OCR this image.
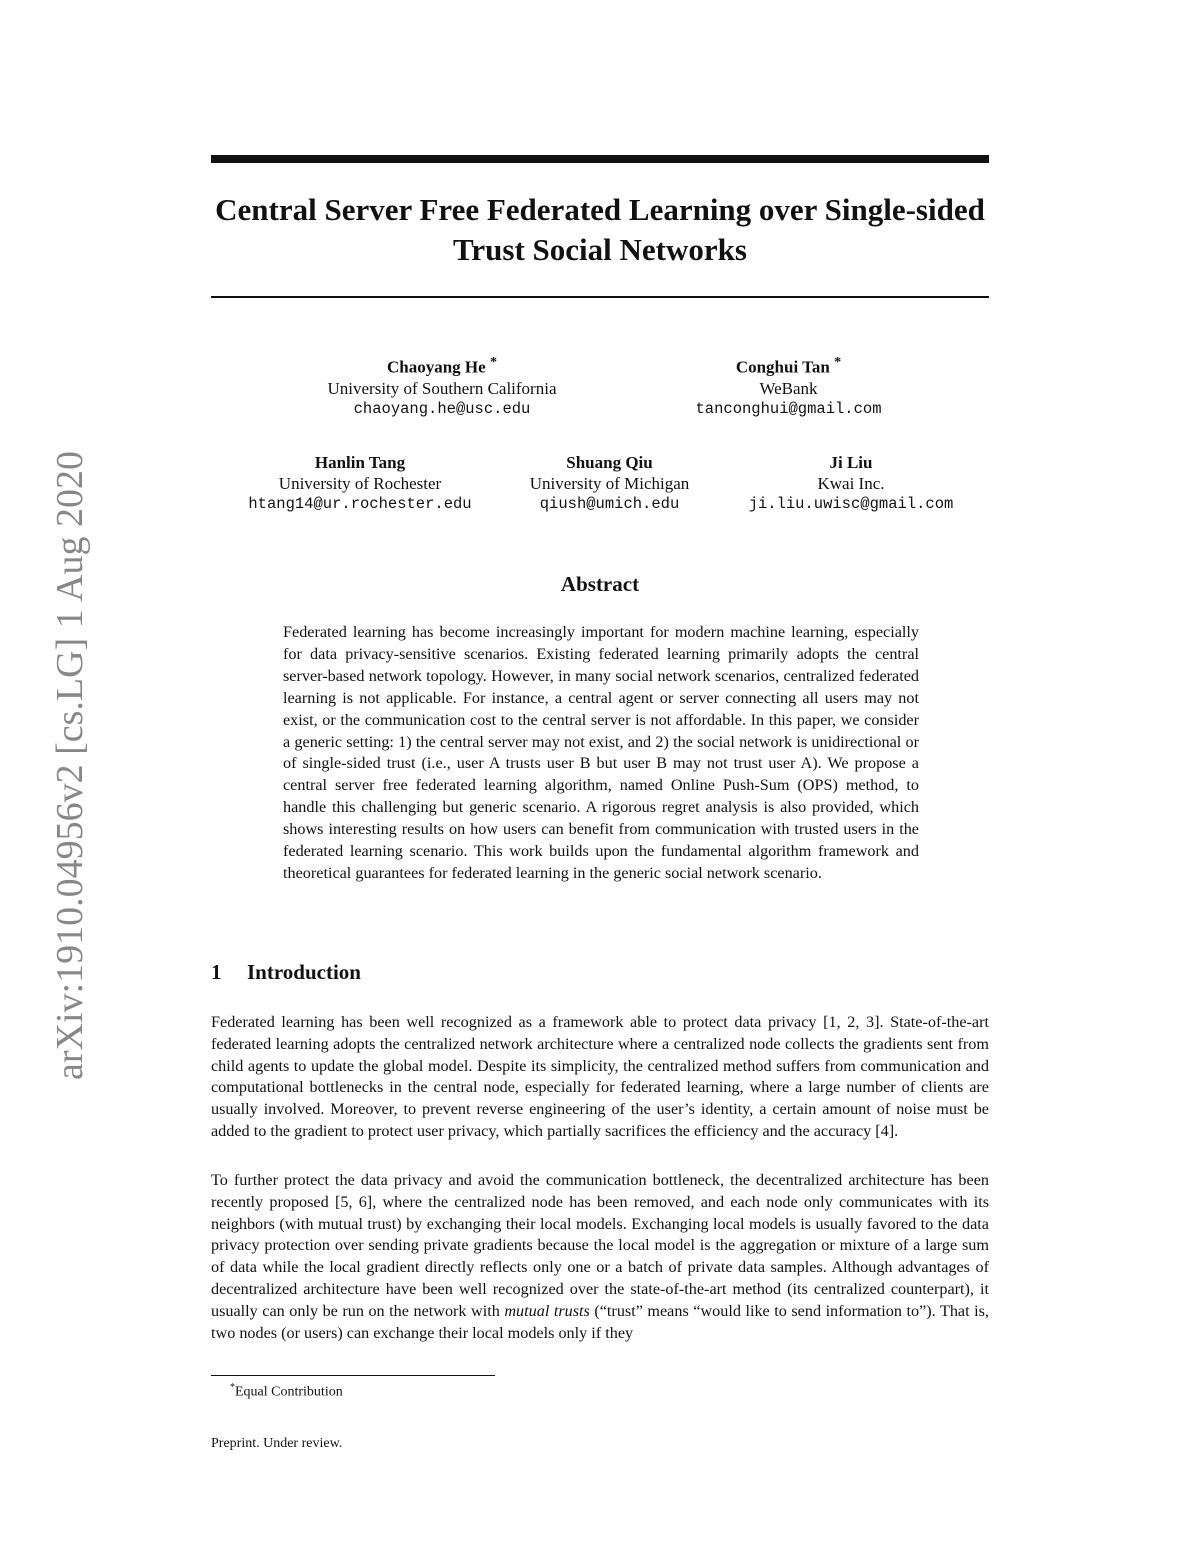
Central Server Free Federated Learning over Single-sided Trust Social Networks
Chaoyang He *
University of Southern California
chaoyang.he@usc.edu
Conghui Tan *
WeBank
tanconghui@gmail.com
Hanlin Tang
University of Rochester
htang14@ur.rochester.edu
Shuang Qiu
University of Michigan
qiush@umich.edu
Ji Liu
Kwai Inc.
ji.liu.uwisc@gmail.com
arXiv:1910.04956v2 [cs.LG] 1 Aug 2020	Abstract
Federated learning has become increasingly important for modern machine learning, especially for data privacy-sensitive scenarios. Existing federated learning primarily adopts the central server-based network topology. However, in many social network scenarios, centralized federated learning is not applicable. For instance, a central agent or server connecting all users may not exist, or the communication cost to the central server is not affordable. In this paper, we consider a generic setting: 1) the central server may not exist, and 2) the social network is unidirectional or of single-sided trust (i.e., user A trusts user B but user B may not trust user A). We propose a central server free federated learning algorithm, named Online Push-Sum (OPS) method, to handle this challenging but generic scenario. A rigorous regret analysis is also provided, which shows interesting results on how users can benefit from communication with trusted users in the federated learning scenario. This work builds upon the fundamental algorithm framework and theoretical guarantees for federated learning in the generic social network scenario.
1 Introduction

Federated learning has been well recognized as a framework able to protect data privacy [1, 2, 3]. State-of-the-art federated learning adopts the centralized network architecture where a centralized node collects the gradients sent from child agents to update the global model. Despite its simplicity, the centralized method suffers from communication and computational bottlenecks in the central node, especially for federated learning, where a large number of clients are usually involved. Moreover, to prevent reverse engineering of the user’s identity, a certain amount of noise must be added to the gradient to protect user privacy, which partially sacrifices the efficiency and the accuracy [4].

To further protect the data privacy and avoid the communication bottleneck, the decentralized architecture has been recently proposed [5, 6], where the centralized node has been removed, and each node only communicates with its neighbors (with mutual trust) by exchanging their local models. Exchanging local models is usually favored to the data privacy protection over sending private gradients because the local model is the aggregation or mixture of a large sum of data while the local gradient directly reflects only one or a batch of private data samples. Although advantages of decentralized architecture have been well recognized over the state-of-the-art method (its centralized counterpart), it usually can only be run on the network with mutual trusts (“trust” means “would like to send information to”). That is, two nodes (or users) can exchange their local models only if they

*Equal Contribution
Preprint. Under review.
